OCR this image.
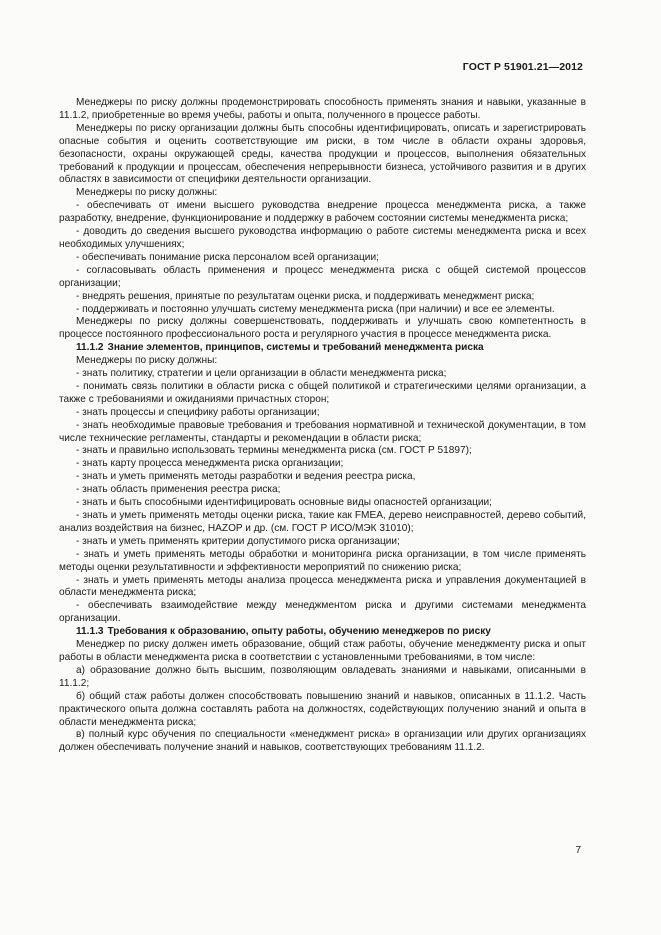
ГОСТ Р 51901.21—2012

Менеджеры по риску должны продемонстрировать способность применять знания и навыки, указанные в 11.1.2, приобретенные во время учебы, работы и опыта, полученного в процессе работы.

Менеджеры по риску организации должны быть способны идентифицировать, описать и зарегистрировать опасные события и оценить соответствующие им риски, в том числе в области охраны здоровья, безопасности, охраны окружающей среды, качества продукции и процессов, выполнения обязательных требований к продукции и процессам, обеспечения непрерывности бизнеса, устойчивого развития и в других областях в зависимости от специфики деятельности организации.

Менеджеры по риску должны:

- обеспечивать от имени высшего руководства внедрение процесса менеджмента риска, а также разработку, внедрение, функционирование и поддержку в рабочем состоянии системы менеджмента риска;

- доводить до сведения высшего руководства информацию о работе системы менеджмента риска и всех необходимых улучшениях;

- обеспечивать понимание риска персоналом всей организации;

- согласовывать область применения и процесс менеджмента риска с общей системой процессов организации;

- внедрять решения, принятые по результатам оценки риска, и поддерживать менеджмент риска;

- поддерживать и постоянно улучшать систему менеджмента риска (при наличии) и все ее элементы.

Менеджеры по риску должны совершенствовать, поддерживать и улучшать свою компетентность в процессе постоянного профессионального роста и регулярного участия в процессе менеджмента риска.

11.1.2 Знание элементов, принципов, системы и требований менеджмента риска

Менеджеры по риску должны:

- знать политику, стратегии и цели организации в области менеджмента риска;

- понимать связь политики в области риска с общей политикой и стратегическими целями организации, а также с требованиями и ожиданиями причастных сторон;

- знать процессы и специфику работы организации;

- знать необходимые правовые требования и требования нормативной и технической документации, в том числе технические регламенты, стандарты и рекомендации в области риска;

- знать и правильно использовать термины менеджмента риска (см. ГОСТ Р 51897);

- знать карту процесса менеджмента риска организации;

- знать и уметь применять методы разработки и ведения реестра риска,

- знать область применения реестра риска;

- знать и быть способными идентифицировать основные виды опасностей организации;

- знать и уметь применять методы оценки риска, такие как FMEA, дерево неисправностей, дерево событий, анализ воздействия на бизнес, HAZOP и др. (см. ГОСТ Р ИСО/МЭК 31010);

- знать и уметь применять критерии допустимого риска организации;

- знать и уметь применять методы обработки и мониторинга риска организации, в том числе применять методы оценки результативности и эффективности мероприятий по снижению риска;

- знать и уметь применять методы анализа процесса менеджмента риска и управления документацией в области менеджмента риска;

- обеспечивать взаимодействие между менеджментом риска и другими системами менеджмента организации.

11.1.3 Требования к образованию, опыту работы, обучению менеджеров по риску

Менеджер по риску должен иметь образование, общий стаж работы, обучение менеджменту риска и опыт работы в области менеджмента риска в соответствии с установленными требованиями, в том числе:

а) образование должно быть высшим, позволяющим овладевать знаниями и навыками, описанными в 11.1.2;

б) общий стаж работы должен способствовать повышению знаний и навыков, описанных в 11.1.2. Часть практического опыта должна составлять работа на должностях, содействующих получению знаний и опыта в области менеджмента риска;

в) полный курс обучения по специальности «менеджмент риска» в организации или других организациях должен обеспечивать получение знаний и навыков, соответствующих требованиям 11.1.2.

7
